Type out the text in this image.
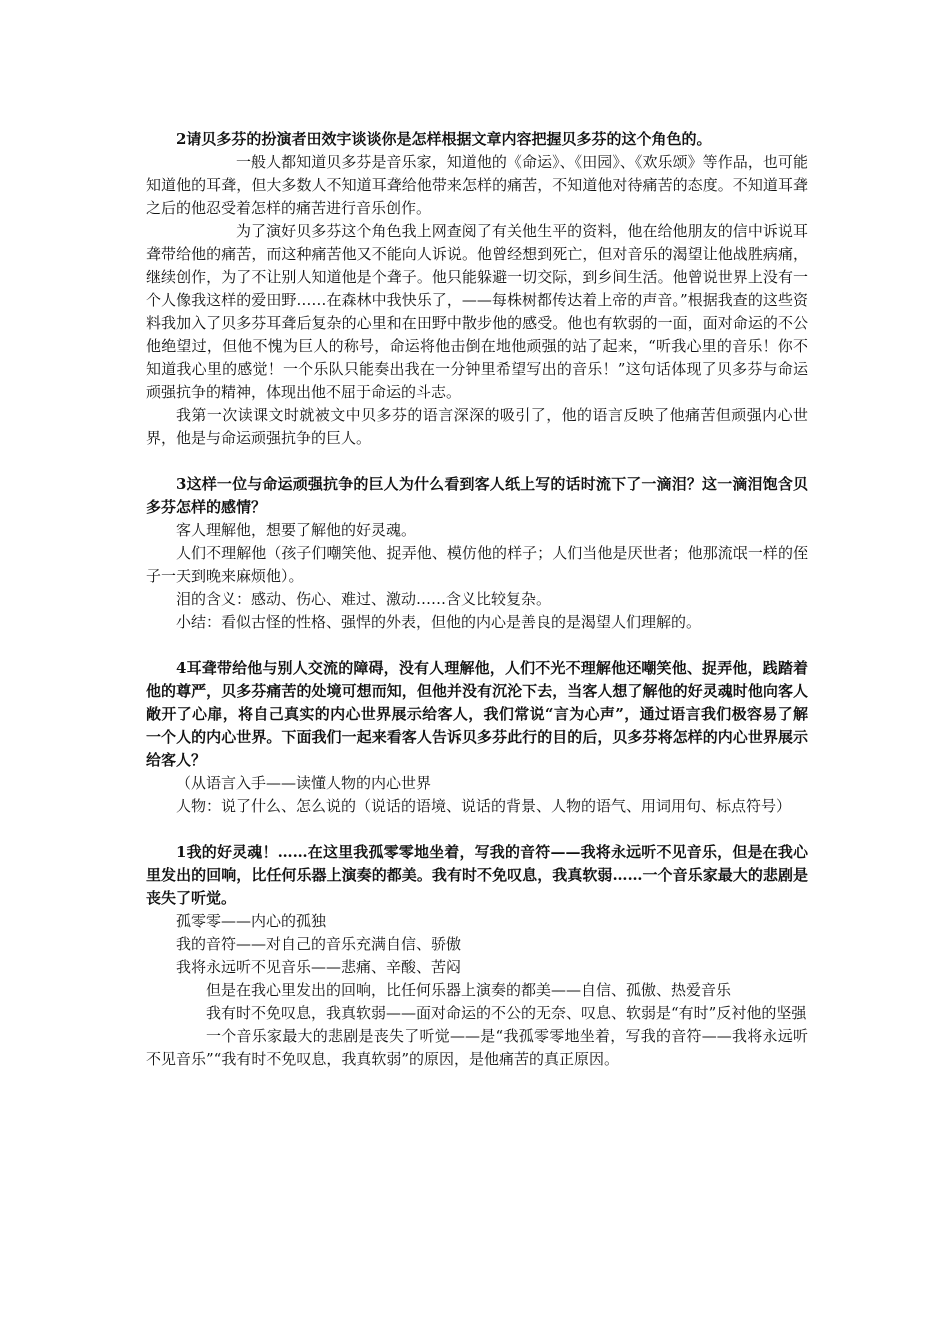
2请贝多芬的扮演者田效宇谈谈你是怎样根据文章内容把握贝多芬的这个角色的。

一般人都知道贝多芬是音乐家，知道他的《命运》、《田园》、《欢乐颂》等作品，也可能知道他的耳聋，但大多数人不知道耳聋给他带来怎样的痛苦，不知道他对待痛苦的态度。不知道耳聋之后的他忍受着怎样的痛苦进行音乐创作。

为了演好贝多芬这个角色我上网查阅了有关他生平的资料，他在给他朋友的信中诉说耳聋带给他的痛苦，而这种痛苦他又不能向人诉说。他曾经想到死亡，但对音乐的渴望让他战胜病痛，继续创作，为了不让别人知道他是个聋子。他只能躲避一切交际，到乡间生活。他曾说世界上没有一个人像我这样的爱田野……在森林中我快乐了，——每株树都传达着上帝的声音。”根据我查的这些资料我加入了贝多芬耳聋后复杂的心里和在田野中散步他的感受。他也有软弱的一面，面对命运的不公他绝望过，但他不愧为巨人的称号，命运将他击倒在地他顽强的站了起来，“听我心里的音乐！你不知道我心里的感觉！一个乐队只能奏出我在一分钟里希望写出的音乐！”这句话体现了贝多芬与命运顽强抗争的精神，体现出他不屈于命运的斗志。

我第一次读课文时就被文中贝多芬的语言深深的吸引了，他的语言反映了他痛苦但顽强内心世界，他是与命运顽强抗争的巨人。

3这样一位与命运顽强抗争的巨人为什么看到客人纸上写的话时流下了一滴泪？这一滴泪饱含贝多芬怎样的感情？

客人理解他，想要了解他的好灵魂。

人们不理解他（孩子们嘲笑他、捉弄他、模仿他的样子；人们当他是厌世者；他那流氓一样的侄子一天到晚来麻烦他）。

泪的含义：感动、伤心、难过、激动……含义比较复杂。

小结：看似古怪的性格、强悍的外表，但他的内心是善良的是渴望人们理解的。

4耳聋带给他与别人交流的障碍，没有人理解他，人们不光不理解他还嘲笑他、捉弄他，践踏着他的尊严，贝多芬痛苦的处境可想而知，但他并没有沉沦下去，当客人想了解他的好灵魂时他向客人敞开了心扉，将自己真实的内心世界展示给客人，我们常说“言为心声”，通过语言我们极容易了解一个人的内心世界。下面我们一起来看客人告诉贝多芬此行的目的后，贝多芬将怎样的内心世界展示给客人？

（从语言入手——读懂人物的内心世界

人物：说了什么、怎么说的（说话的语境、说话的背景、人物的语气、用词用句、标点符号）

1我的好灵魂！……在这里我孤零零地坐着，写我的音符——我将永远听不见音乐，但是在我心里发出的回响，比任何乐器上演奏的都美。我有时不免叹息，我真软弱……一个音乐家最大的悲剧是丧失了听觉。

孤零零——内心的孤独

我的音符——对自己的音乐充满自信、骄傲

我将永远听不见音乐——悲痛、辛酸、苦闷

但是在我心里发出的回响，比任何乐器上演奏的都美——自信、孤傲、热爱音乐

我有时不免叹息，我真软弱——面对命运的不公的无奈、叹息、软弱是“有时”反衬他的坚强

一个音乐家最大的悲剧是丧失了听觉——是“我孤零零地坐着，写我的音符——我将永远听不见音乐”“我有时不免叹息，我真软弱”的原因，是他痛苦的真正原因。
